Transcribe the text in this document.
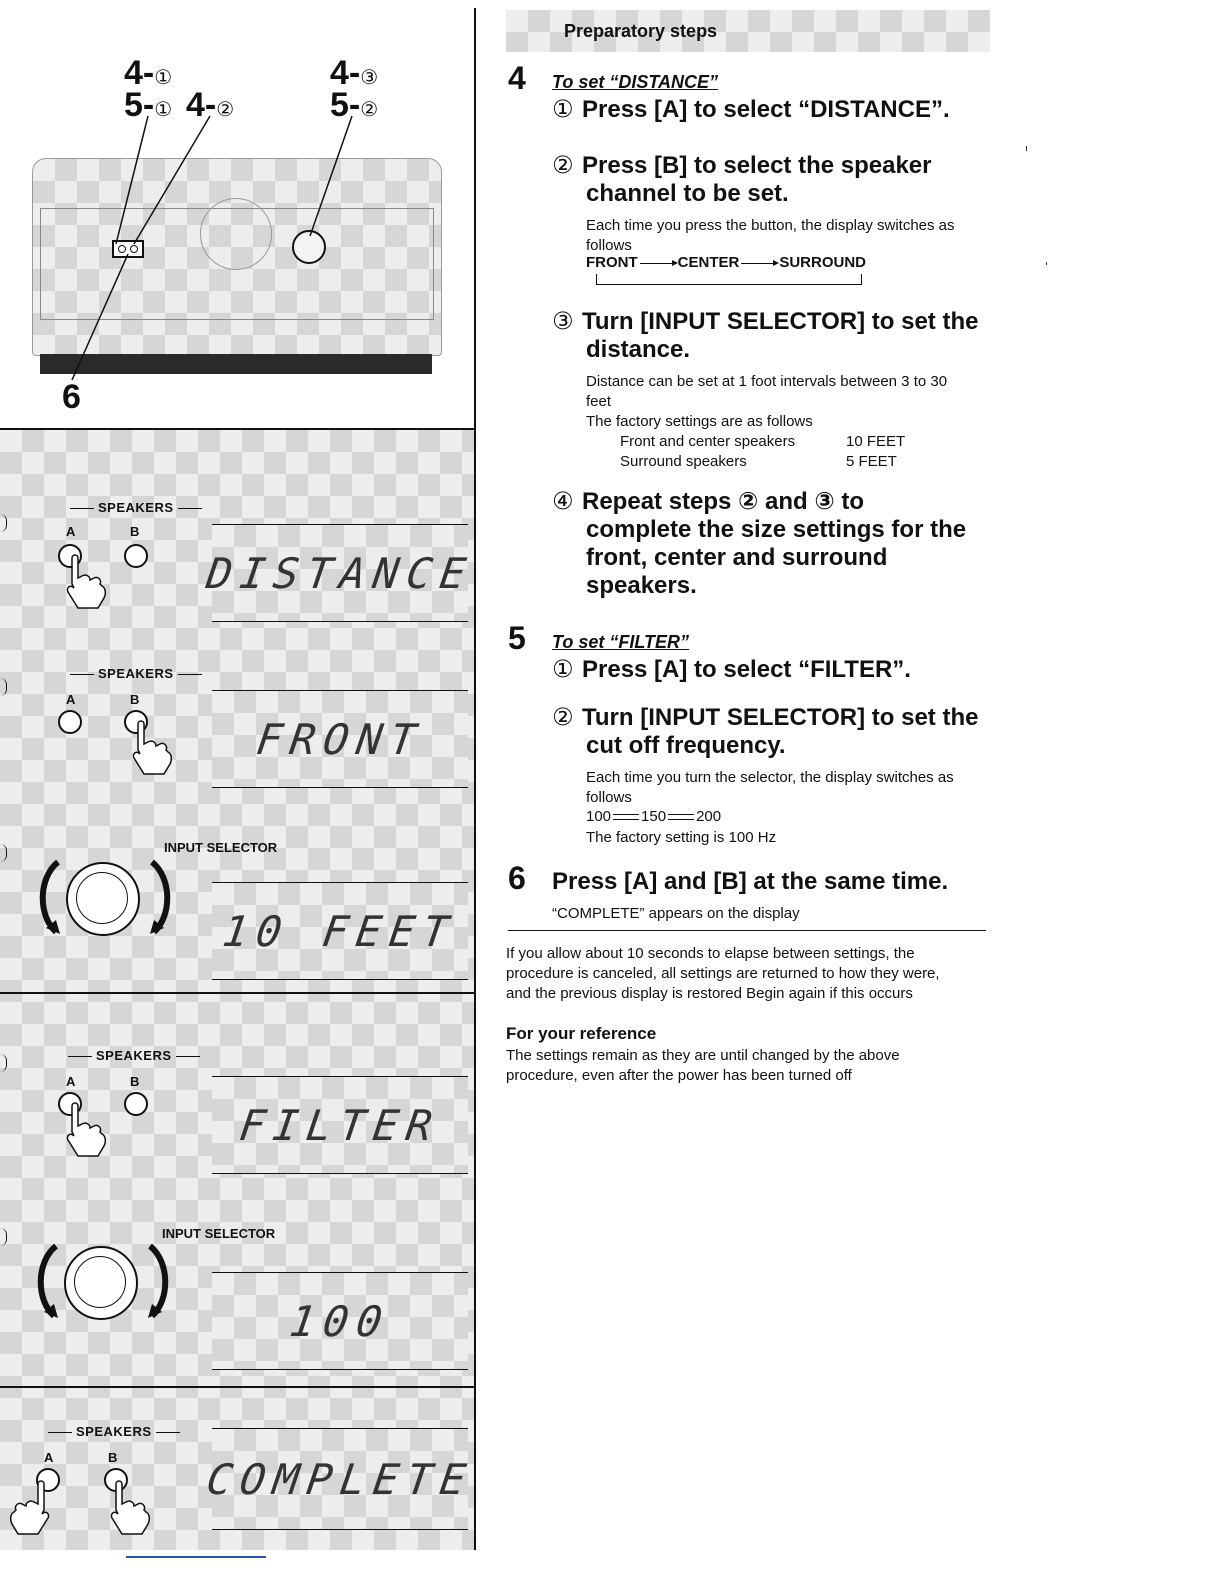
4-①
5-① 4-②
4-③
5-②
6
SPEAKERS
A	B
DISTANCE
SPEAKERS
A	B
FRONT
INPUT SELECTOR
10 FEET
SPEAKERS
A	B
FILTER
INPUT SELECTOR
100
SPEAKERS
A	B COMPLETE
Preparatory steps
4 To set “DISTANCE”
① Press [A] to select “DISTANCE”.
② Press [B] to select the speaker
channel to be set.
Each time you press the button, the display switches as
follows
FRONT	CENTER	SURROUND
③ Turn [INPUT SELECTOR] to set the
distance.
Distance can be set at 1 foot intervals between 3 to 30
feet
The factory settings are as follows
Front and center speakers	10 FEET
Surround speakers	5 FEET
④ Repeat steps ② and ③ to
complete the size settings for the
front, center and surround
speakers.
5 To set “FILTER”
① Press [A] to select “FILTER”.
② Turn [INPUT SELECTOR] to set the
cut off frequency.
Each time you turn the selector, the display switches as
follows
100 150 200
The factory setting is 100 Hz
6 Press [A] and [B] at the same time.
“COMPLETE” appears on the display
If you allow about 10 seconds to elapse between settings, the
procedure is canceled, all settings are returned to how they were,
and the previous display is restored Begin again if this occurs
For your reference
The settings remain as they are until changed by the above
procedure, even after the power has been turned off
